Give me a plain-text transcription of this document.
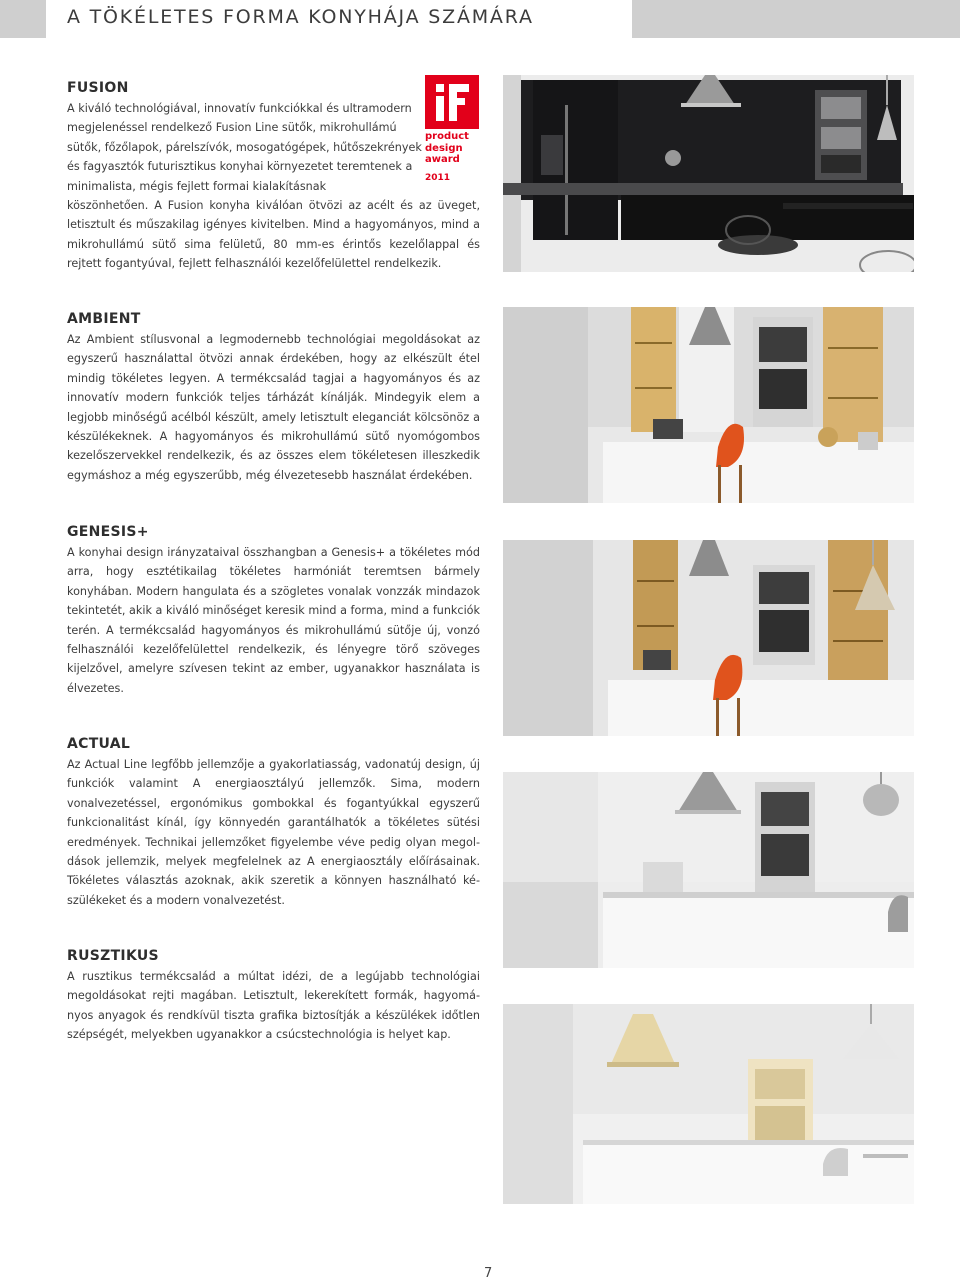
A TÖKÉLETES FORMA KONYHÁJA SZÁMÁRA
FUSION

A kiváló technológiával, innovatív funkciókkal és ultramodern megjelenéssel rendelkező Fusion Line sütők, mikrohullámú sütők, főzőlapok, párelszívók, mosogatógépek, hűtőszekrények és fagyasztók futurisztikus konyhai környezetet teremtenek a minimalista, mégis fejlett formai kialakításnak

köszönhetően. A Fusion konyha kiválóan ötvözi az acélt és az üveget, letisztult és műszakilag igényes kivitelben. Mind a hagyományos, mind a mikrohullámú sütő sima felületű, 80 mm-es érintős kezelőlappal és rejtett fogantyúval, fejlett felhasználói kezelőfelülettel rendelkezik.

product
design
award
2011
AMBIENT

Az Ambient stílusvonal a legmodernebb technológiai megoldásokat az egyszerű használattal ötvözi annak érdekében, hogy az elkészült étel mindig tökéletes legyen. A termékcsalád tagjai a hagyományos és az innovatív modern funkciók teljes tárházát kínálják. Mindegyik elem a legjobb minőségű acélból készült, amely letisztult eleganciát kölcsönöz a készülékeknek. A hagyományos és mikrohullámú sütő nyomógombos kezelőszervekkel rendelkezik, és az összes elem tökéletesen illeszkedik egymáshoz a még egyszerűbb, még élvezetesebb használat érdekében.

GENESIS+

A konyhai design irányzataival összhangban a Genesis+ a tökéletes mód arra, hogy esztétikailag tökéletes harmóniát teremtsen bármely konyhában. Modern hangulata és a szögletes vonalak vonzzák mindazok tekintetét, akik a kiváló minőséget keresik mind a forma, mind a funkciók terén. A termékcsalád hagyományos és mikrohullámú sütője új, vonzó felhasználói kezelőfelülettel rendelkezik, és lényegre törő szöveges kijelzővel, amelyre szívesen tekint az ember, ugyanakkor használata is élvezetes.

ACTUAL

Az Actual Line legfőbb jellemzője a gyakorlatiasság, vadonatúj design, új funkciók valamint A energiaosztályú jellemzők. Sima, modern vonalvezetéssel, ergonómikus gombokkal és fogantyúkkal egyszerű funkcionalitást kínál, így könnyedén garantálhatók a tökéletes sütési eredmények. Technikai jellemzőket figyelembe véve pedig olyan megoldások jellemzik, melyek megfelelnek az A energiaosztály előírásainak. Tökéletes választás azoknak, akik szeretik a könnyen használható készülékeket és a modern vonalvezetést.

RUSZTIKUS

A rusztikus termékcsalád a múltat idézi, de a legújabb technológiai megoldásokat rejti magában. Letisztult, lekerekített formák, hagyományos anyagok és rendkívül tiszta grafika biztosítják a készülékek időtlen szépségét, melyekben ugyanakkor a csúcstechnológia is helyet kap.

7
